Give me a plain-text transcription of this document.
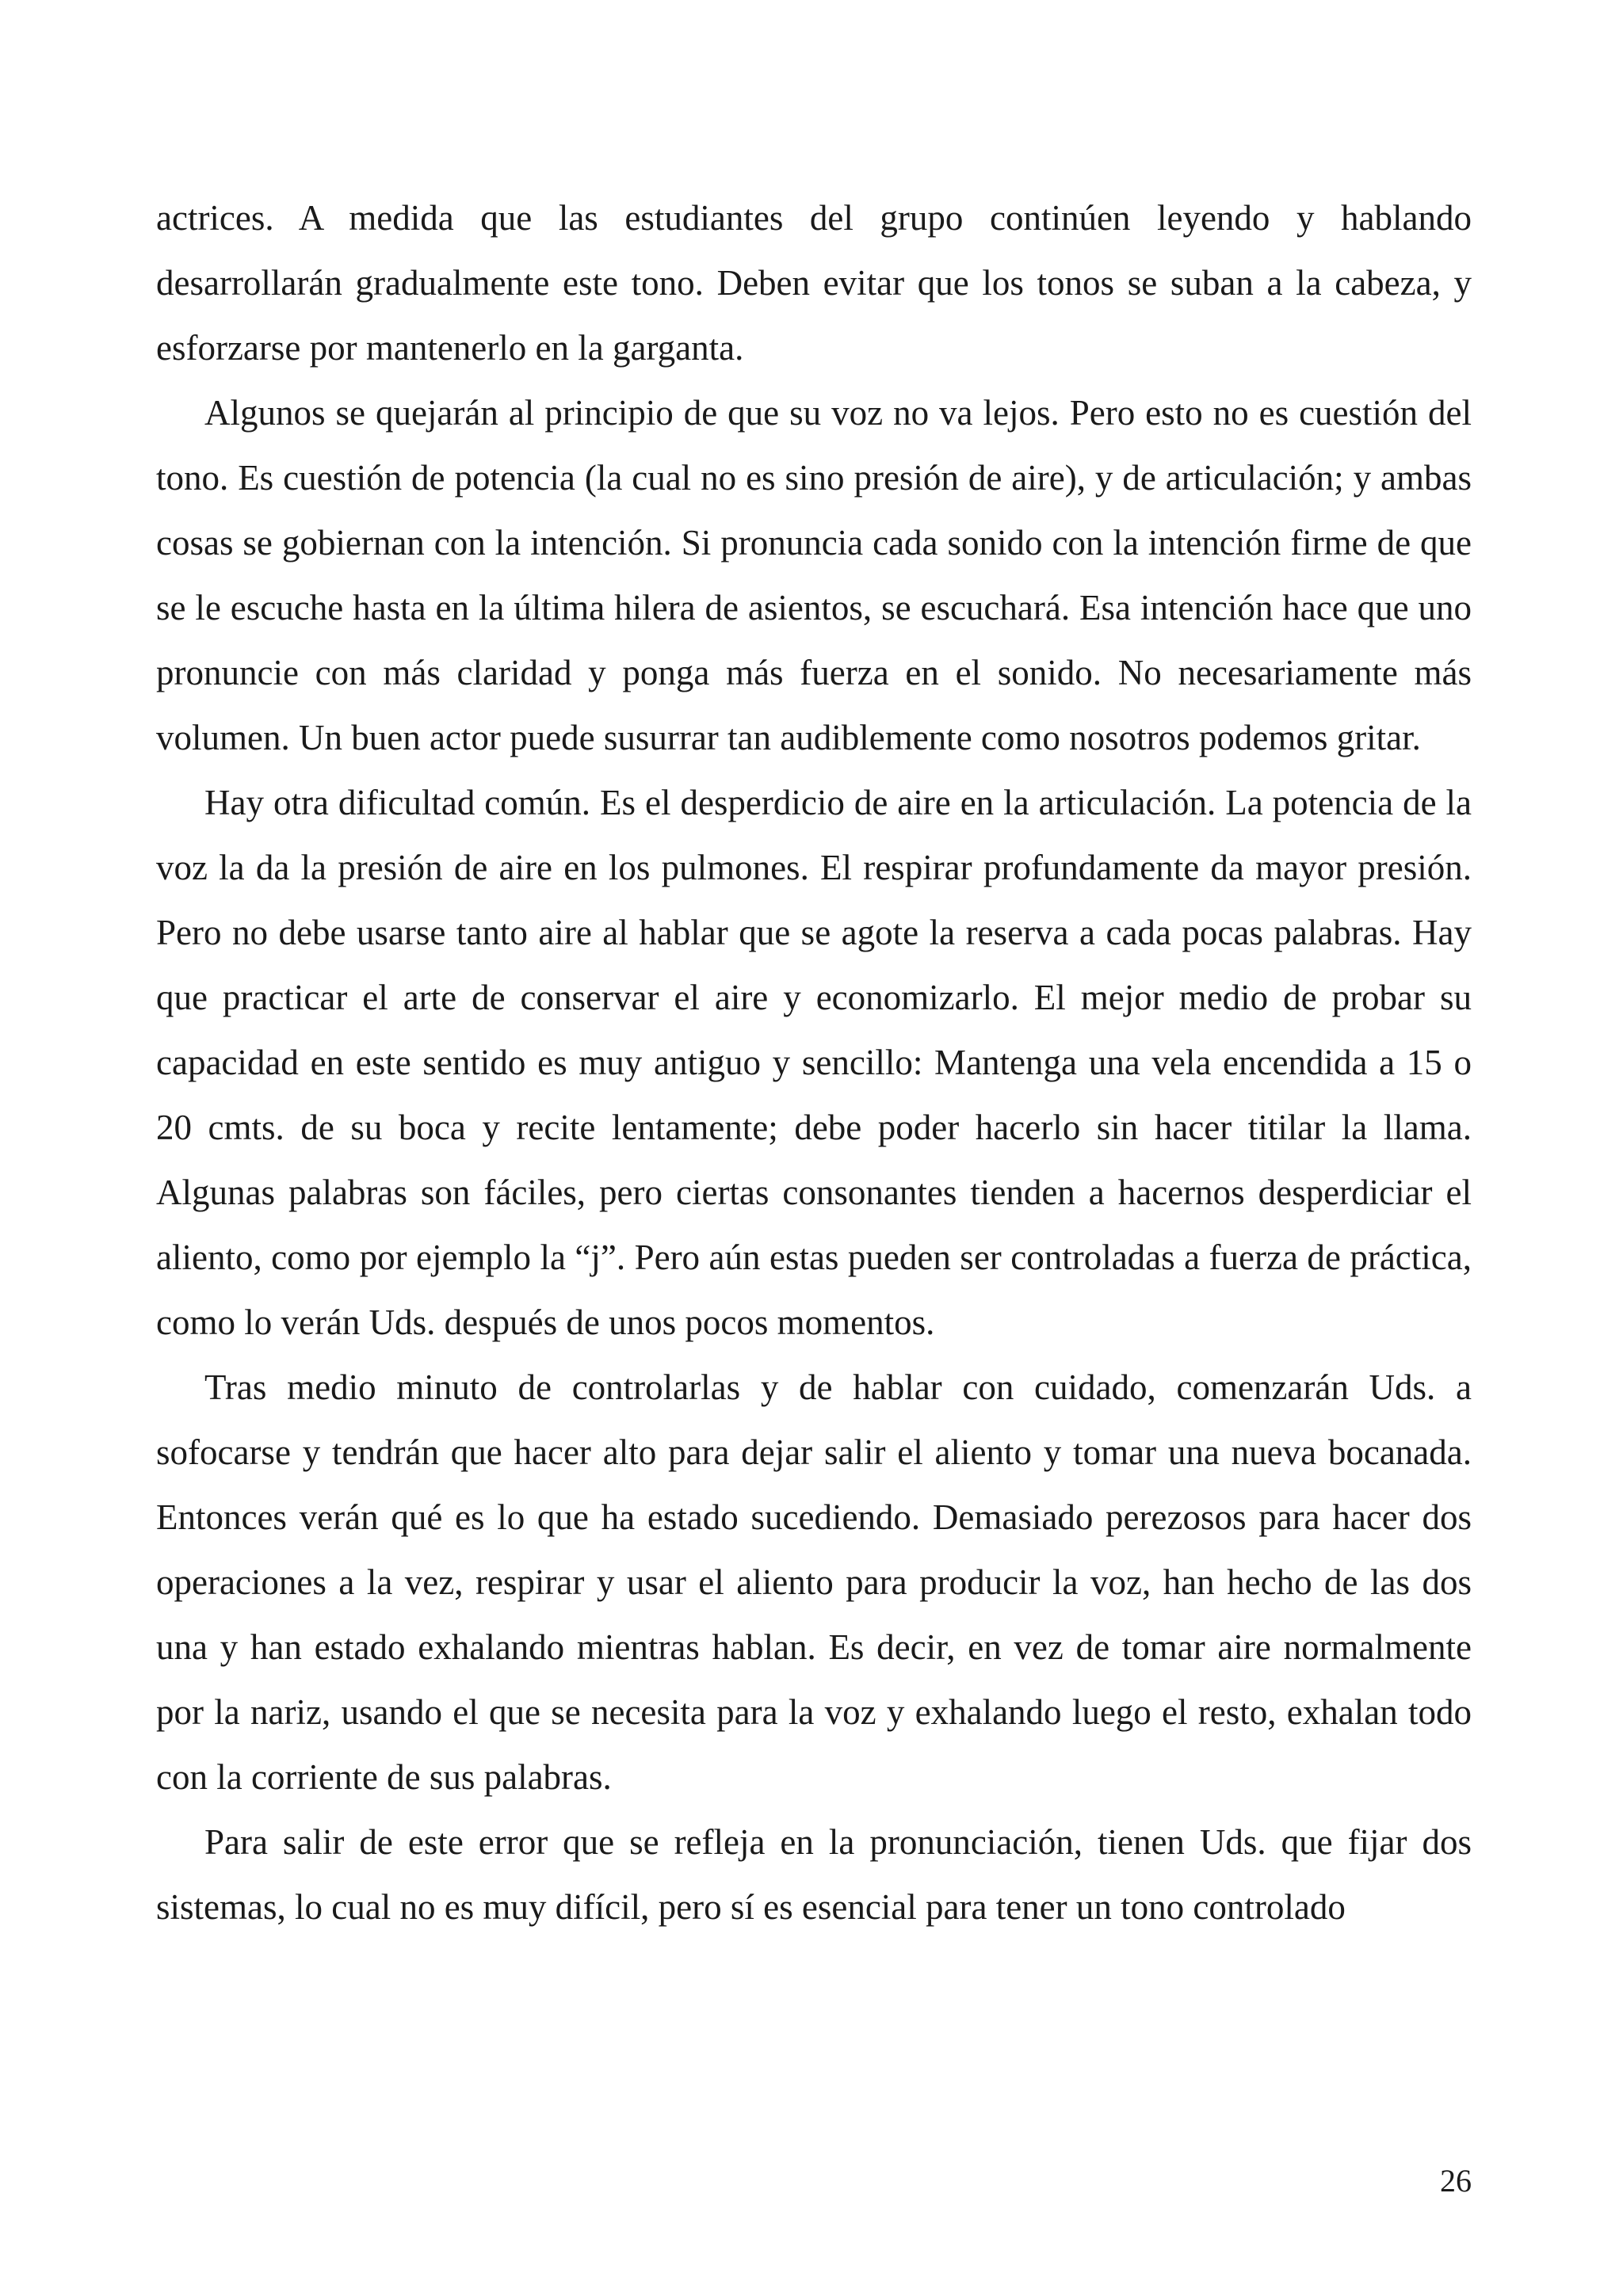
actrices. A medida que las estudiantes del grupo continúen leyendo y hablando desarrollarán gradualmente este tono. Deben evitar que los tonos se suban a la cabeza, y esforzarse por mantenerlo en la garganta.

Algunos se quejarán al principio de que su voz no va lejos. Pero esto no es cuestión del tono. Es cuestión de potencia (la cual no es sino presión de aire), y de articulación; y ambas cosas se gobiernan con la intención. Si pronuncia cada sonido con la intención firme de que se le escuche hasta en la última hilera de asientos, se escuchará. Esa intención hace que uno pronuncie con más claridad y ponga más fuerza en el sonido. No necesariamente más volumen. Un buen actor puede susurrar tan audiblemente como nosotros podemos gritar.

Hay otra dificultad común. Es el desperdicio de aire en la articulación. La potencia de la voz la da la presión de aire en los pulmones. El respirar profundamente da mayor presión. Pero no debe usarse tanto aire al hablar que se agote la reserva a cada pocas palabras. Hay que practicar el arte de conservar el aire y economizarlo. El mejor medio de probar su capacidad en este sentido es muy antiguo y sencillo: Mantenga una vela encendida a 15 o 20 cmts. de su boca y recite lentamente; debe poder hacerlo sin hacer titilar la llama. Algunas palabras son fáciles, pero ciertas consonantes tienden a hacernos desperdiciar el aliento, como por ejemplo la “j”. Pero aún estas pueden ser controladas a fuerza de práctica, como lo verán Uds. después de unos pocos momentos.

Tras medio minuto de controlarlas y de hablar con cuidado, comenzarán Uds. a sofocarse y tendrán que hacer alto para dejar salir el aliento y tomar una nueva bocanada. Entonces verán qué es lo que ha estado sucediendo. Demasiado perezosos para hacer dos operaciones a la vez, respirar y usar el aliento para producir la voz, han hecho de las dos una y han estado exhalando mientras hablan. Es decir, en vez de tomar aire normalmente por la nariz, usando el que se necesita para la voz y exhalando luego el resto, exhalan todo con la corriente de sus palabras.

Para salir de este error que se refleja en la pronunciación, tienen Uds. que fijar dos sistemas, lo cual no es muy difícil, pero sí es esencial para tener un tono controlado

26
